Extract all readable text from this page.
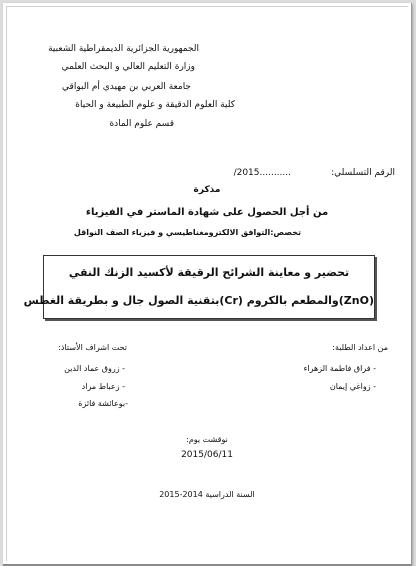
الجمهورية الجزائرية الديمقراطية الشعبية
وزارة التعليم العالي و البحث العلمي
جامعة العربي بن مهيدي أم البواقي
كلية العلوم الدقيقة و علوم الطبيعة و الحياة
قسم علوم المادة
الرقم التسلسلي:
...........2015/
مذكرة
من أجل الحصول على شهادة الماستر في الفيزياء
تخصص:التوافق الالكترومغناطيسي و فيزياء الصف النواقل
تحضير و معاينة الشرائح الرقيقة لأكسيد الزنك النقي
(ZnO)والمطعم بالكروم (Cr)بتقنية الصول جال و بطريقة الغطس
من اعداد الطلبة:
- فراق فاطمة الزهراء
- زواغي إيمان
تحت اشراف الأستاذ:
- زروق عماد الدين
- زعباط مراد
-بوعائشة فائزة
نوقشت يوم:
2015/06/11
السنة الدراسية 2014-2015
